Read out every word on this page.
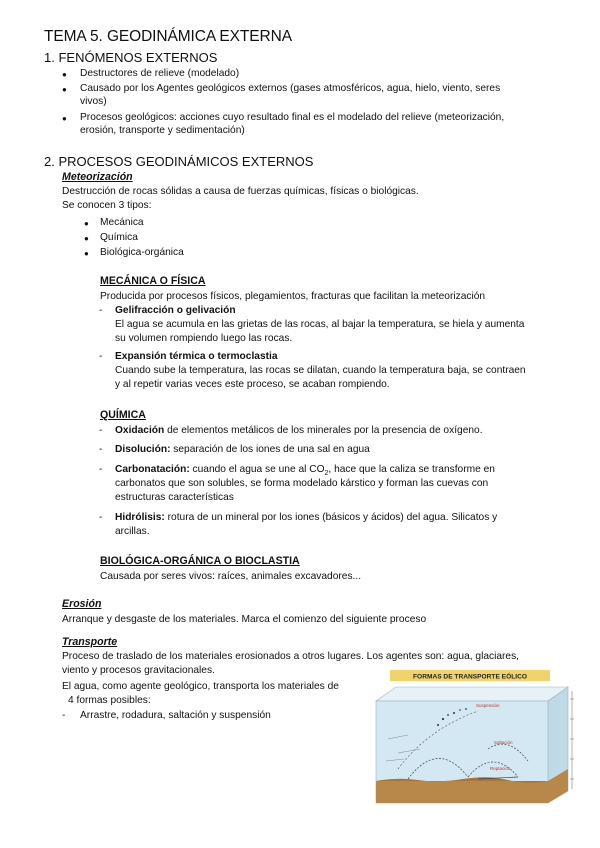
TEMA 5. GEODINÁMICA EXTERNA
1. FENÓMENOS EXTERNOS
● Destructores de relieve (modelado)
● Causado por los Agentes geológicos externos (gases atmosféricos, agua, hielo, viento, seres
vivos)
● Procesos geológicos: acciones cuyo resultado final es el modelado del relieve (meteorización,
erosión, transporte y sedimentación)
2. PROCESOS GEODINÁMICOS EXTERNOS
Meteorización
Destrucción de rocas sólidas a causa de fuerzas químicas, físicas o biológicas.
Se conocen 3 tipos:
● Mecánica
● Química
● Biológica-orgánica
MECÁNICA O FÍSICA
Producida por procesos físicos, plegamientos, fracturas que facilitan la meteorización
- Gelifracción o gelivación
El agua se acumula en las grietas de las rocas, al bajar la temperatura, se hiela y aumenta
su volumen rompiendo luego las rocas.
- Expansión térmica o termoclastia
Cuando sube la temperatura, las rocas se dilatan, cuando la temperatura baja, se contraen
y al repetir varias veces este proceso, se acaban rompiendo.
QUÍMICA
- Oxidación de elementos metálicos de los minerales por la presencia de oxígeno.
- Disolución: separación de los iones de una sal en agua
- Carbonatación: cuando el agua se une al $CO_2$, hace que la caliza se transforme en
carbonatos que son solubles, se forma modelado kárstico y forman las cuevas con
estructuras características
- Hidrólisis: rotura de un mineral por los iones (básicos y ácidos) del agua. Silicatos y
arcillas.
BIOLÓGICA-ORGÁNICA O BIOCLASTIA
Causada por seres vivos: raíces, animales excavadores...
Erosión
Arranque y desgaste de los materiales. Marca el comienzo del siguiente proceso
Transporte
Proceso de traslado de los materiales erosionados a otros lugares. Los agentes son: agua, glaciares,
viento y procesos gravitacionales.
El agua, como agente geológico, transporta los materiales de
4 formas posibles:
- Arrastre, rodadura, saltación y suspensión
FORMAS DE TRANSPORTE EÓLICO
Suspensión
Saltación
Reptación
